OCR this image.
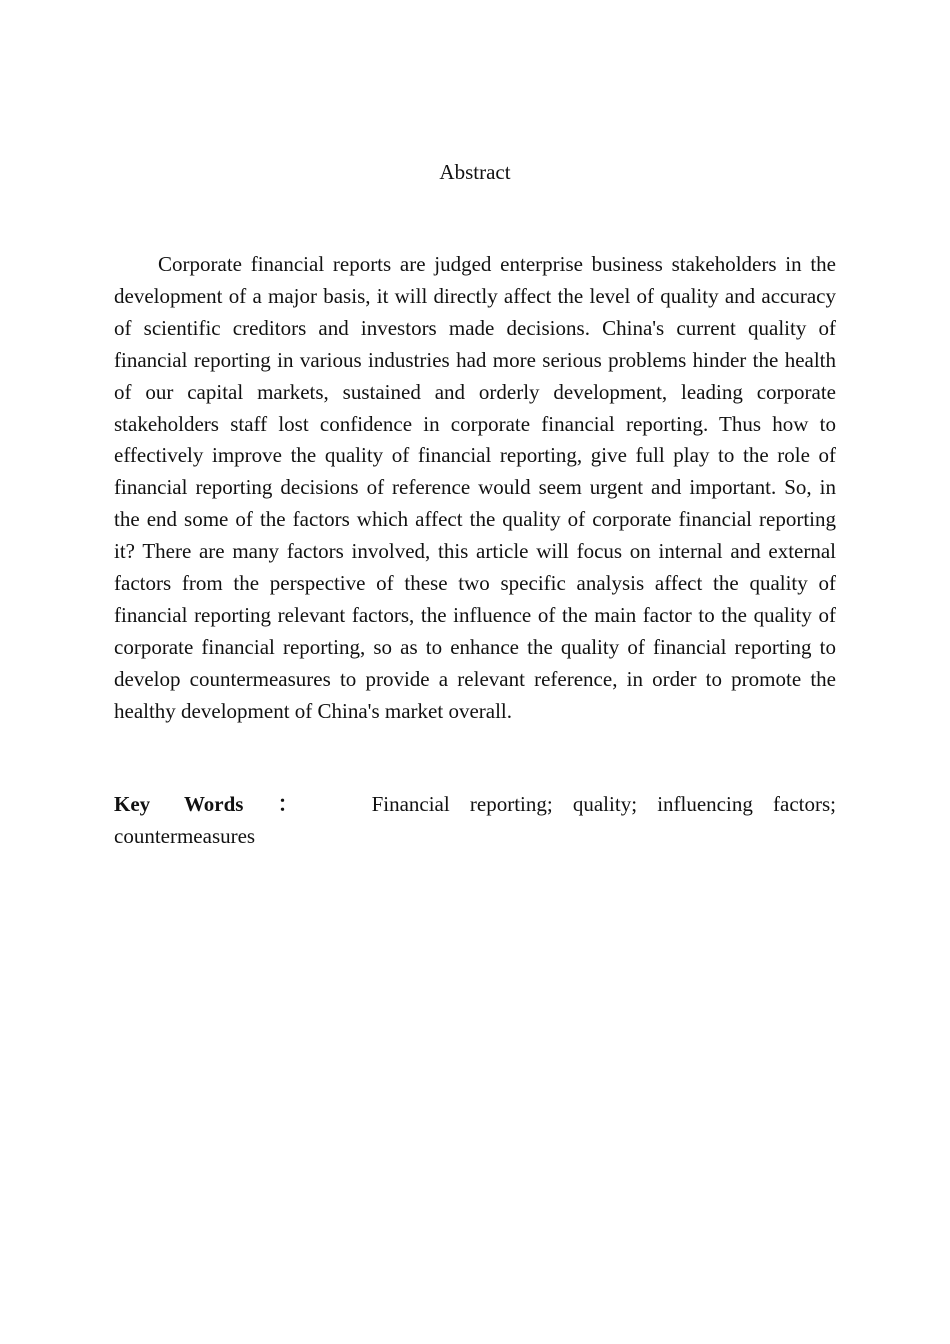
Abstract

Corporate financial reports are judged enterprise business stakeholders in the development of a major basis, it will directly affect the level of quality and accuracy of scientific creditors and investors made decisions. China's current quality of financial reporting in various industries had more serious problems hinder the health of our capital markets, sustained and orderly development, leading corporate stakeholders staff lost confidence in corporate financial reporting. Thus how to effectively improve the quality of financial reporting, give full play to the role of financial reporting decisions of reference would seem urgent and important. So, in the end some of the factors which affect the quality of corporate financial reporting it? There are many factors involved, this article will focus on internal and external factors from the perspective of these two specific analysis affect the quality of financial reporting relevant factors, the influence of the main factor to the quality of corporate financial reporting, so as to enhance the quality of financial reporting to develop countermeasures to provide a relevant reference, in order to promote the healthy development of China's market overall.

Key Words ：	Financial reporting; quality; influencing factors; countermeasures
